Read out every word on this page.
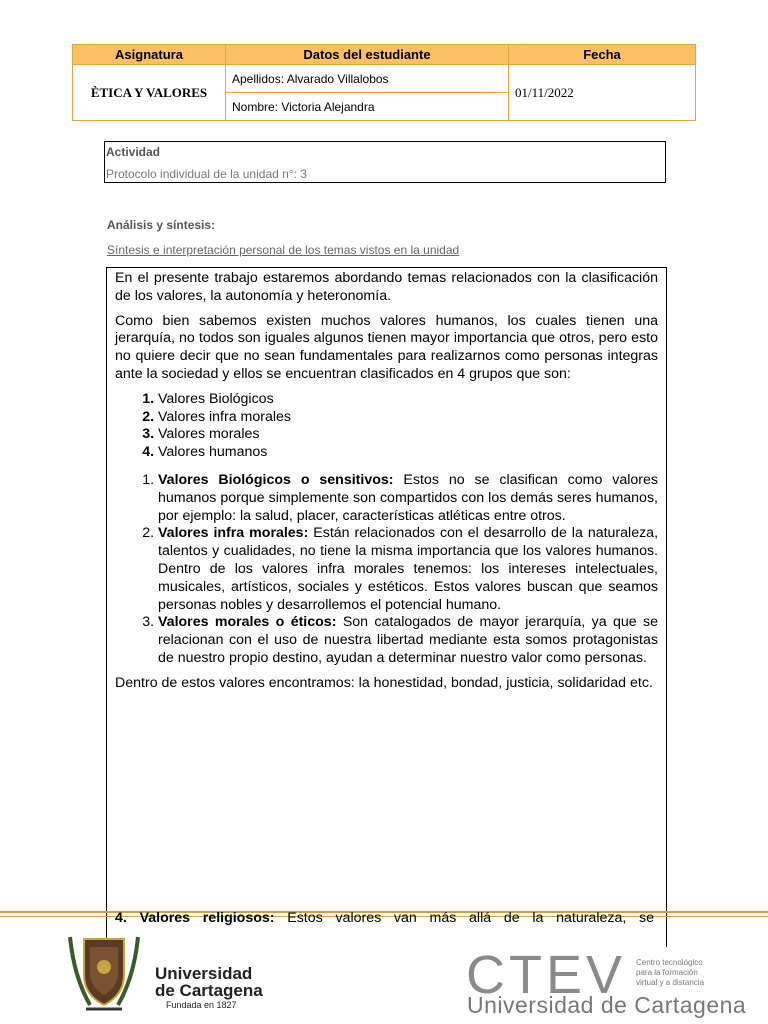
Asignatura	Datos del estudiante	Fecha
ÈTICA Y VALORES	Apellidos: Alvarado Villalobos	01/11/2022
	Nombre: Victoria Alejandra	
Actividad
Protocolo individual de la unidad n°: 3
Análisis y síntesis:
Síntesis e interpretación personal de los temas vistos en la unidad

En el presente trabajo estaremos abordando temas relacionados con la clasificación de los valores, la autonomía y heteronomía.

Como bien sabemos existen muchos valores humanos, los cuales tienen una jerarquía, no todos son iguales algunos tienen mayor importancia que otros, pero esto no quiere decir que no sean fundamentales para realizarnos como personas integras ante la sociedad y ellos se encuentran clasificados en 4 grupos que son:

1. Valores Biológicos
2. Valores infra morales
3. Valores morales
4. Valores humanos
1. Valores Biológicos o sensitivos: Estos no se clasifican como valores humanos porque simplemente son compartidos con los demás seres humanos, por ejemplo: la salud, placer, características atléticas entre otros.
2. Valores infra morales: Están relacionados con el desarrollo de la naturaleza, talentos y cualidades, no tiene la misma importancia que los valores humanos. Dentro de los valores infra morales tenemos: los intereses intelectuales, musicales, artísticos, sociales y estéticos. Estos valores buscan que seamos personas nobles y desarrollemos el potencial humano.
3. Valores morales o éticos: Son catalogados de mayor jerarquía, ya que se relacionan con el uso de nuestra libertad mediante esta somos protagonistas de nuestro propio destino, ayudan a determinar nuestro valor como personas.

Dentro de estos valores encontramos: la honestidad, bondad, justicia, solidaridad etc.

4. Valores religiosos: Estos valores van más allá de la naturaleza, se
Universidad
de Cartagena
Fundada en 1827	CTEV Centro tecnológico
para la formación
virtual y a distancia
Universidad de Cartagena
